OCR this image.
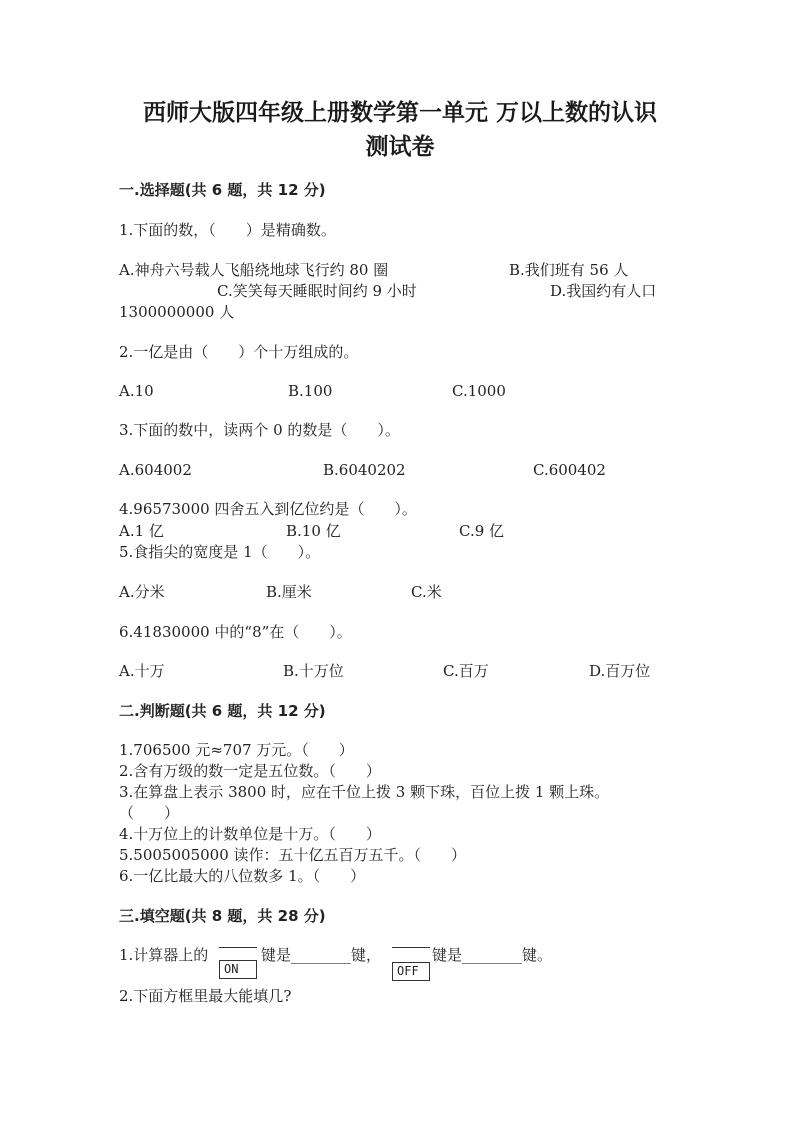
西师大版四年级上册数学第一单元 万以上数的认识
测试卷
一.选择题(共 6 题，共 12 分)
1.下面的数，（　　）是精确数。
A.神舟六号载人飞船绕地球飞行约 80 圈	B.我们班有 56 人
C.笑笑每天睡眠时间约 9 小时	D.我国约有人口
1300000000 人
2.一亿是由（　　）个十万组成的。
A.10	B.100	C.1000
3.下面的数中，读两个 0 的数是（　　）。
A.604002	B.6040202	C.600402
4.96573000 四舍五入到亿位约是（　　）。
A.1 亿	B.10 亿	C.9 亿
5.食指尖的宽度是 1（　　）。
A.分米	B.厘米	C.米
6.41830000 中的“8”在（　　）。
A.十万	B.十万位	C.百万	D.百万位
二.判断题(共 6 题，共 12 分)
1.706500 元≈707 万元。（　　）
2.含有万级的数一定是五位数。（　　）
3.在算盘上表示 3800 时，应在千位上拨 3 颗下珠，百位上拨 1 颗上珠。
（　　）
4.十万位上的计数单位是十万。（　　）
5.5005005000 读作：五十亿五百万五千。（　　）
6.一亿比最大的八位数多 1。（　　）
三.填空题(共 8 题，共 28 分)
1.计算器上的
ON
键是________键，
OFF
键是________键。
2.下面方框里最大能填几?
